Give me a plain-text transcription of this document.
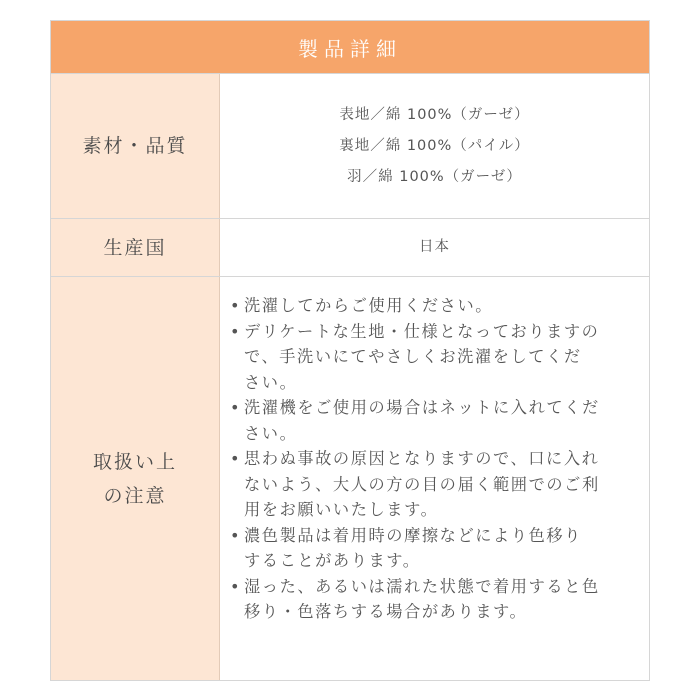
製品詳細
素材・品質
表地／綿 100%（ガーゼ）
裏地／綿 100%（パイル）
羽／綿 100%（ガーゼ）
生産国	日本
取扱い上
の注意
• 洗濯してからご使用ください。
• デリケートな生地・仕様となっておりますの
で、手洗いにてやさしくお洗濯をしてくだ
さい。
• 洗濯機をご使用の場合はネットに入れてくだ
さい。
• 思わぬ事故の原因となりますので、口に入れ
ないよう、大人の方の目の届く範囲でのご利
用をお願いいたします。
• 濃色製品は着用時の摩擦などにより色移り
することがあります。
• 湿った、あるいは濡れた状態で着用すると色
移り・色落ちする場合があります。
